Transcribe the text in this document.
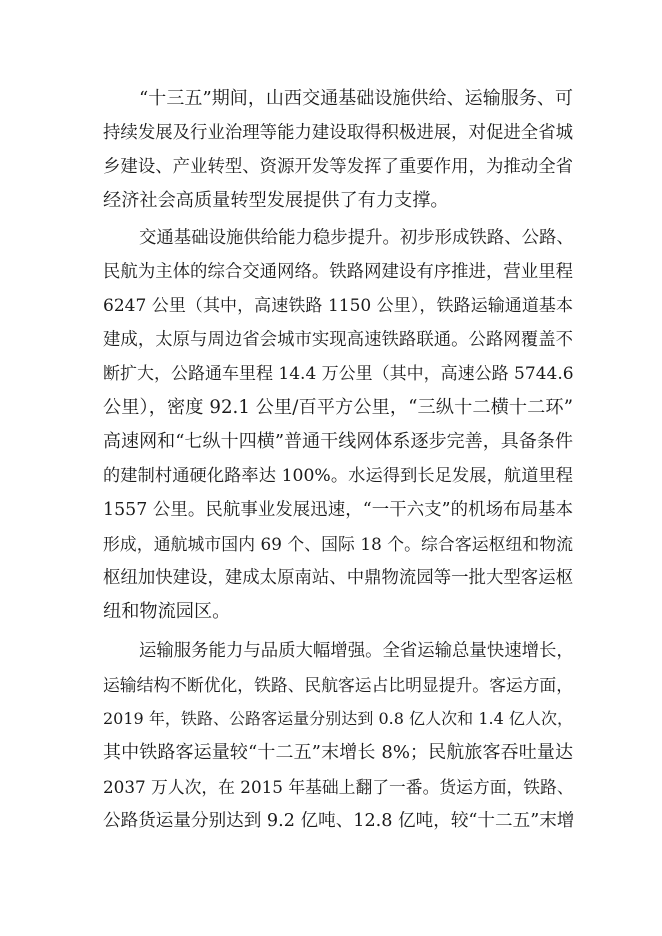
“十三五”期间，山西交通基础设施供给、运输服务、可
持续发展及行业治理等能力建设取得积极进展，对促进全省城
乡建设、产业转型、资源开发等发挥了重要作用，为推动全省
经济社会高质量转型发展提供了有力支撑。
交通基础设施供给能力稳步提升。初步形成铁路、公路、
民航为主体的综合交通网络。铁路网建设有序推进，营业里程
6247 公里（其中，高速铁路 1150 公里），铁路运输通道基本
建成，太原与周边省会城市实现高速铁路联通。公路网覆盖不
断扩大，公路通车里程 14.4 万公里（其中，高速公路 5744.6
公里），密度 92.1 公里/百平方公里，“三纵十二横十二环”
高速网和“七纵十四横”普通干线网体系逐步完善，具备条件
的建制村通硬化路率达 100%。水运得到长足发展，航道里程
1557 公里。民航事业发展迅速，“一干六支”的机场布局基本
形成，通航城市国内 69 个、国际 18 个。综合客运枢纽和物流
枢纽加快建设，建成太原南站、中鼎物流园等一批大型客运枢
纽和物流园区。
运输服务能力与品质大幅增强。全省运输总量快速增长，
运输结构不断优化，铁路、民航客运占比明显提升。客运方面，
2019 年，铁路、公路客运量分别达到 0.8 亿人次和 1.4 亿人次，
其中铁路客运量较“十二五”末增长 8%；民航旅客吞吐量达
2037 万人次，在 2015 年基础上翻了一番。货运方面，铁路、
公路货运量分别达到 9.2 亿吨、12.8 亿吨，较“十二五”末增
